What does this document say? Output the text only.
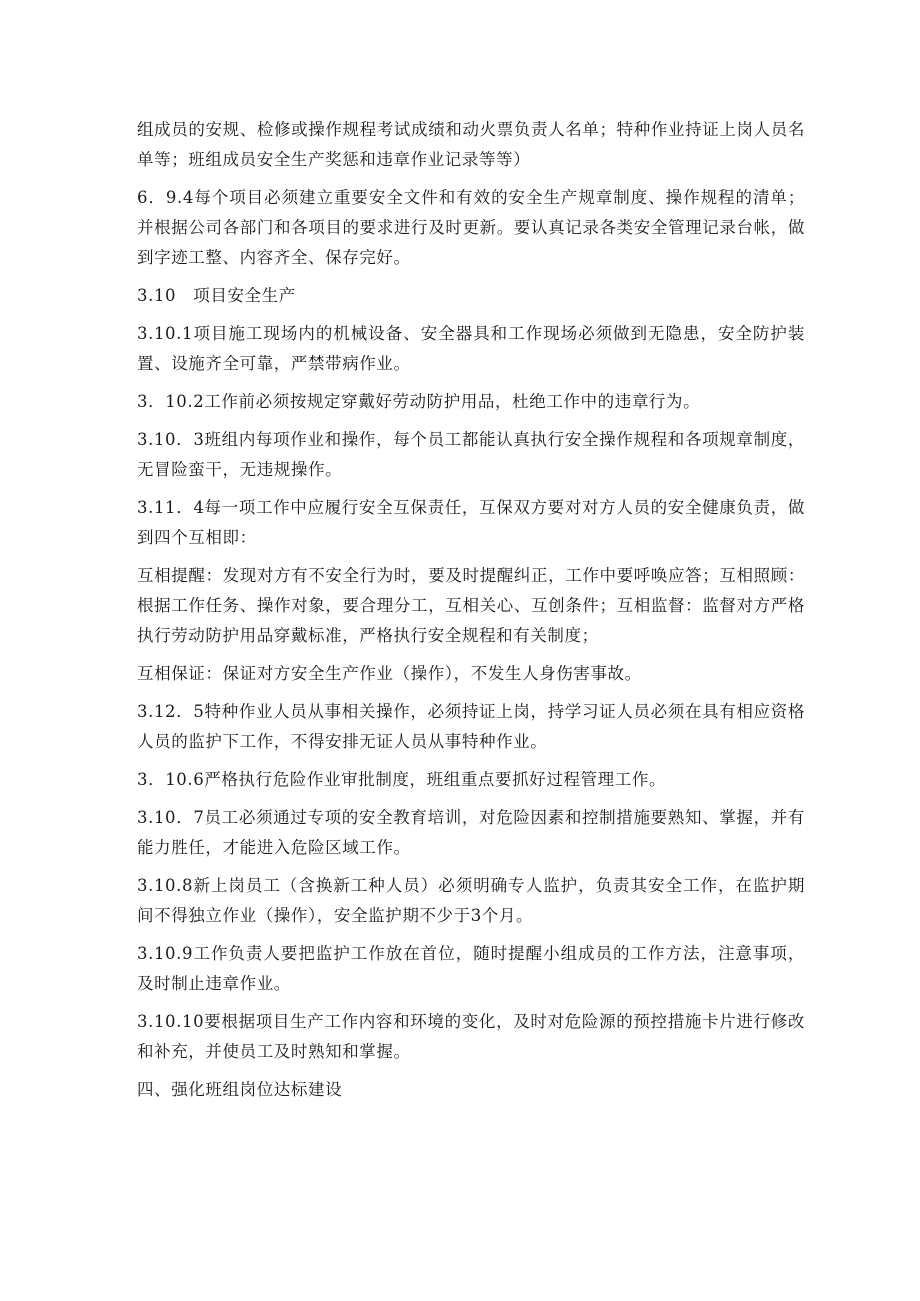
组成员的安规、检修或操作规程考试成绩和动火票负责人名单；特种作业持证上岗人员名单等；班组成员安全生产奖惩和违章作业记录等等）

6．9.4每个项目必须建立重要安全文件和有效的安全生产规章制度、操作规程的清单；并根据公司各部门和各项目的要求进行及时更新。要认真记录各类安全管理记录台帐，做到字迹工整、内容齐全、保存完好。

3.10　项目安全生产

3.10.1项目施工现场内的机械设备、安全器具和工作现场必须做到无隐患，安全防护装置、设施齐全可靠，严禁带病作业。

3．10.2工作前必须按规定穿戴好劳动防护用品，杜绝工作中的违章行为。

3.10．3班组内每项作业和操作，每个员工都能认真执行安全操作规程和各项规章制度，无冒险蛮干，无违规操作。

3.11．4每一项工作中应履行安全互保责任，互保双方要对对方人员的安全健康负责，做到四个互相即：

互相提醒：发现对方有不安全行为时，要及时提醒纠正，工作中要呼唤应答；互相照顾：根据工作任务、操作对象，要合理分工，互相关心、互创条件；互相监督：监督对方严格执行劳动防护用品穿戴标准，严格执行安全规程和有关制度；

互相保证：保证对方安全生产作业（操作），不发生人身伤害事故。

3.12．5特种作业人员从事相关操作，必须持证上岗，持学习证人员必须在具有相应资格人员的监护下工作，不得安排无证人员从事特种作业。

3．10.6严格执行危险作业审批制度，班组重点要抓好过程管理工作。

3.10．7员工必须通过专项的安全教育培训，对危险因素和控制措施要熟知、掌握，并有能力胜任，才能进入危险区域工作。

3.10.8新上岗员工（含换新工种人员）必须明确专人监护，负责其安全工作，在监护期间不得独立作业（操作），安全监护期不少于3个月。

3.10.9工作负责人要把监护工作放在首位，随时提醒小组成员的工作方法，注意事项，及时制止违章作业。

3.10.10要根据项目生产工作内容和环境的变化，及时对危险源的预控措施卡片进行修改和补充，并使员工及时熟知和掌握。

四、强化班组岗位达标建设
